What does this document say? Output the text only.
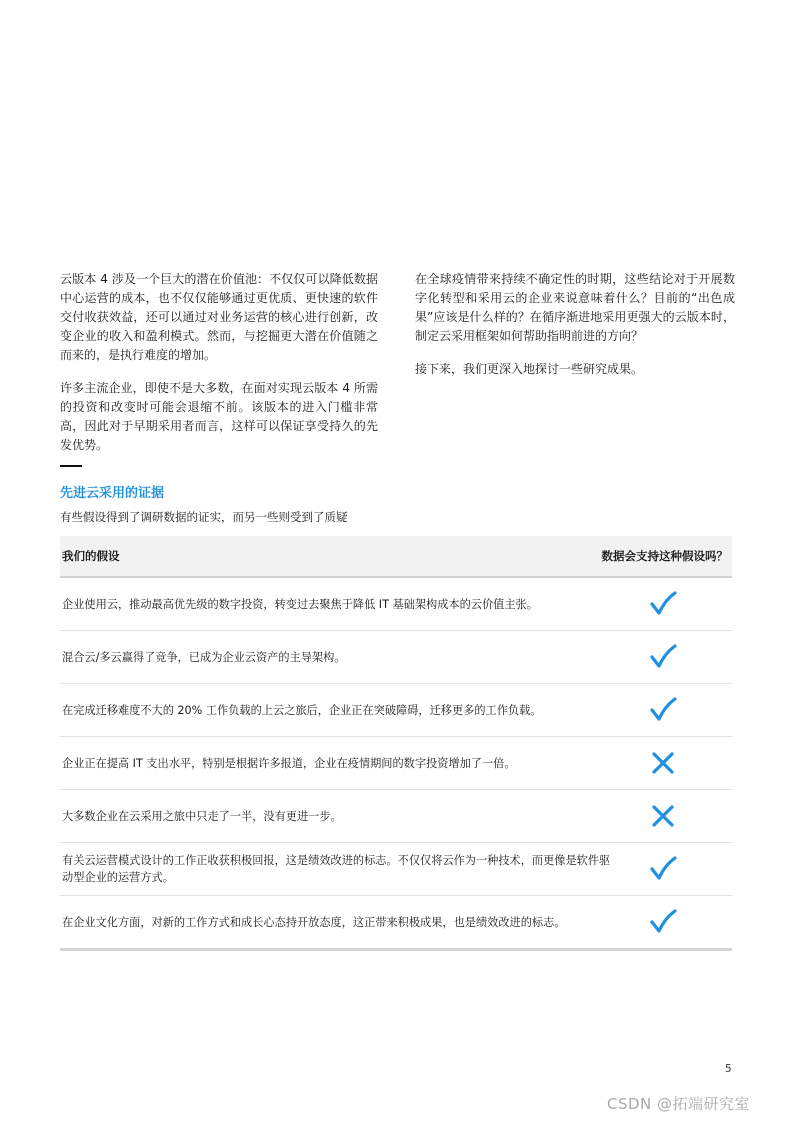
云版本 4 涉及一个巨大的潜在价值池：不仅仅可以降低数据中心运营的成本，也不仅仅能够通过更优质、更快速的软件交付收获效益，还可以通过对业务运营的核心进行创新，改变企业的收入和盈利模式。然而，与挖掘更大潜在价值随之而来的，是执行难度的增加。

许多主流企业，即使不是大多数，在面对实现云版本 4 所需的投资和改变时可能会退缩不前。该版本的进入门槛非常高，因此对于早期采用者而言，这样可以保证享受持久的先发优势。

在全球疫情带来持续不确定性的时期，这些结论对于开展数字化转型和采用云的企业来说意味着什么？目前的“出色成果”应该是什么样的？在循序渐进地采用更强大的云版本时，制定云采用框架如何帮助指明前进的方向？

接下来，我们更深入地探讨一些研究成果。

先进云采用的证据
有些假设得到了调研数据的证实，而另一些则受到了质疑
我们的假设	数据会支持这种假设吗？
企业使用云，推动最高优先级的数字投资，转变过去聚焦于降低 IT 基础架构成本的云价值主张。
混合云/多云赢得了竞争，已成为企业云资产的主导架构。
在完成迁移难度不大的 20% 工作负载的上云之旅后，企业正在突破障碍，迁移更多的工作负载。
企业正在提高 IT 支出水平，特别是根据许多报道，企业在疫情期间的数字投资增加了一倍。
大多数企业在云采用之旅中只走了一半，没有更进一步。
有关云运营模式设计的工作正收获积极回报，这是绩效改进的标志。不仅仅将云作为一种技术，而更像是软件驱动型企业的运营方式。
在企业文化方面，对新的工作方式和成长心态持开放态度，这正带来积极成果，也是绩效改进的标志。
5
CSDN @拓端研究室
